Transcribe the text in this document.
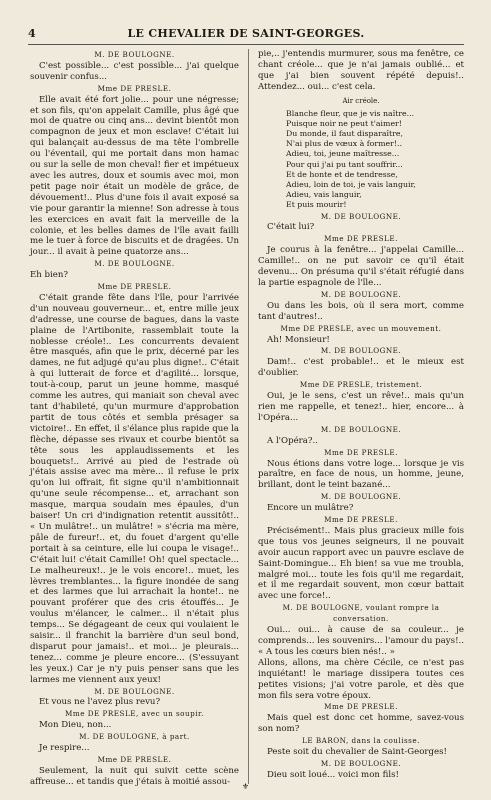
4	LE CHEVALIER DE SAINT-GEORGES.
M. DE BOULOGNE.
C'est possible... c'est possible... j'ai quelque souvenir confus...
Mme DE PRESLE.
Elle avait été fort jolie... pour une négresse; et son fils, qu'on appelait Camille, plus âgé que moi de quatre ou cinq ans... devint bientôt mon compagnon de jeux et mon esclave! C'était lui qui balançait au-dessus de ma tête l'ombrelle ou l'éventail, qui me portait dans mon hamac ou sur la selle de mon cheval! fier et impétueux avec les autres, doux et soumis avec moi, mon petit page noir était un modèle de grâce, de dévouement!.. Plus d'une fois il avait exposé sa vie pour garantir la mienne! Son adresse à tous les exercices en avait fait la merveille de la colonie, et les belles dames de l'île avait failli me le tuer à force de biscuits et de dragées. Un jour... il avait à peine quatorze ans...
M. DE BOULOGNE.
Eh bien?
Mme DE PRESLE.
C'était grande fête dans l'île, pour l'arrivée d'un nouveau gouverneur... et, entre mille jeux d'adresse, une course de bagues, dans la vaste plaine de l'Artibonite, rassemblait toute la noblesse créole!.. Les concurrents devaient être masqués, afin que le prix, décerné par les dames, ne fut adjugé qu'au plus digne!.. C'était à qui lutterait de force et d'agilité... lorsque, tout-à-coup, parut un jeune homme, masqué comme les autres, qui maniait son cheval avec tant d'habileté, qu'un murmure d'approbation partit de tous côtés et sembla présager sa victoire!.. En effet, il s'élance plus rapide que la flèche, dépasse ses rivaux et courbe bientôt sa tête sous les applaudissements et les bouquets!.. Arrivé au pied de l'estrade où j'étais assise avec ma mère... il refuse le prix qu'on lui offrait, fit signe qu'il n'ambitionnait qu'une seule récompense... et, arrachant son masque, marqua soudain mes épaules, d'un baiser! Un cri d'indignation retentit aussitôt!.. « Un mulâtre!.. un mulâtre! » s'écria ma mère, pâle de fureur!.. et, du fouet d'argent qu'elle portait à sa ceinture, elle lui coupa le visage!.. C'était lui! c'était Camille! Oh! quel spectacle... Le malheureux!.. je le vois encore!.. muet, les lèvres tremblantes... la figure inondée de sang et des larmes que lui arrachait la honte!.. ne pouvant proférer que des cris étouffés... Je voulus m'élancer, le calmer... il n'était plus temps... Se dégageant de ceux qui voulaient le saisir... il franchit la barrière d'un seul bond, disparut pour jamais!.. et moi... je pleurais... tenez... comme je pleure encore... (S'essuyant les yeux.) Car je n'y puis penser sans que les larmes me viennent aux yeux!
M. DE BOULOGNE.
Et vous ne l'avez plus revu?
Mme DE PRESLE, avec un soupir.
Mon Dieu, non...
M. DE BOULOGNE, à part.
Je respire...
Mme DE PRESLE.
Seulement, la nuit qui suivit cette scène affreuse... et tandis que j'étais à moitié assou-
pie,.. j'entendis murmurer, sous ma fenêtre, ce chant créole... que je n'ai jamais oublié... et que j'ai bien souvent répété depuis!.. Attendez... oui... c'est cela.
Air créole.
Blanche fleur, que je vis naître...
Puisque noir ne peut t'aimer!
Du monde, il faut disparaître,
N'ai plus de vœux à former!..
Adieu, toi, jeune maîtresse...
Pour qui j'ai pu tant souffrir...
Et de honte et de tendresse,
Adieu, loin de toi, je vais languir,
Adieu, vais languir,
Et puis mourir!
M. DE BOULOGNE.
C'était lui?
Mme DE PRESLE.
Je courus à la fenêtre... j'appelai Camille... Camille!.. on ne put savoir ce qu'il était devenu... On présuma qu'il s'était réfugié dans la partie espagnole de l'île...
M. DE BOULOGNE.
Ou dans les bois, où il sera mort, comme tant d'autres!..
Mme DE PRESLE, avec un mouvement.
Ah! Monsieur!
M. DE BOULOGNE.
Dam!.. c'est probable!.. et le mieux est d'oublier.
Mme DE PRESLE, tristement.
Oui, je le sens, c'est un rêve!.. mais qu'un rien me rappelle, et tenez!.. hier, encore... à l'Opéra...
M. DE BOULOGNE.
A l'Opéra?..
Mme DE PRESLE.
Nous étions dans votre loge... lorsque je vis paraître, en face de nous, un homme, jeune, brillant, dont le teint bazané...
M. DE BOULOGNE.
Encore un mulâtre?
Mme DE PRESLE.
Précisément!.. Mais plus gracieux mille fois que tous vos jeunes seigneurs, il ne pouvait avoir aucun rapport avec un pauvre esclave de Saint-Domingue... Eh bien! sa vue me troubla, malgré moi... toute les fois qu'il me regardait, et il me regardait souvent, mon cœur battait avec une force!..
M. DE BOULOGNE, voulant rompre la conversation.
Oui... oui... à cause de sa couleur... je comprends... les souvenirs... l'amour du pays!.. « A tous les cœurs bien nés!.. »
Allons, allons, ma chère Cécile, ce n'est pas inquiétant! le mariage dissipera toutes ces petites visions; j'ai votre parole, et dès que mon fils sera votre époux.
Mme DE PRESLE.
Mais quel est donc cet homme, savez-vous son nom?
LE BARON, dans la coulisse.
Peste soit du chevalier de Saint-Georges!
M. DE BOULOGNE.
Dieu soit loué... voici mon fils!
⚜
